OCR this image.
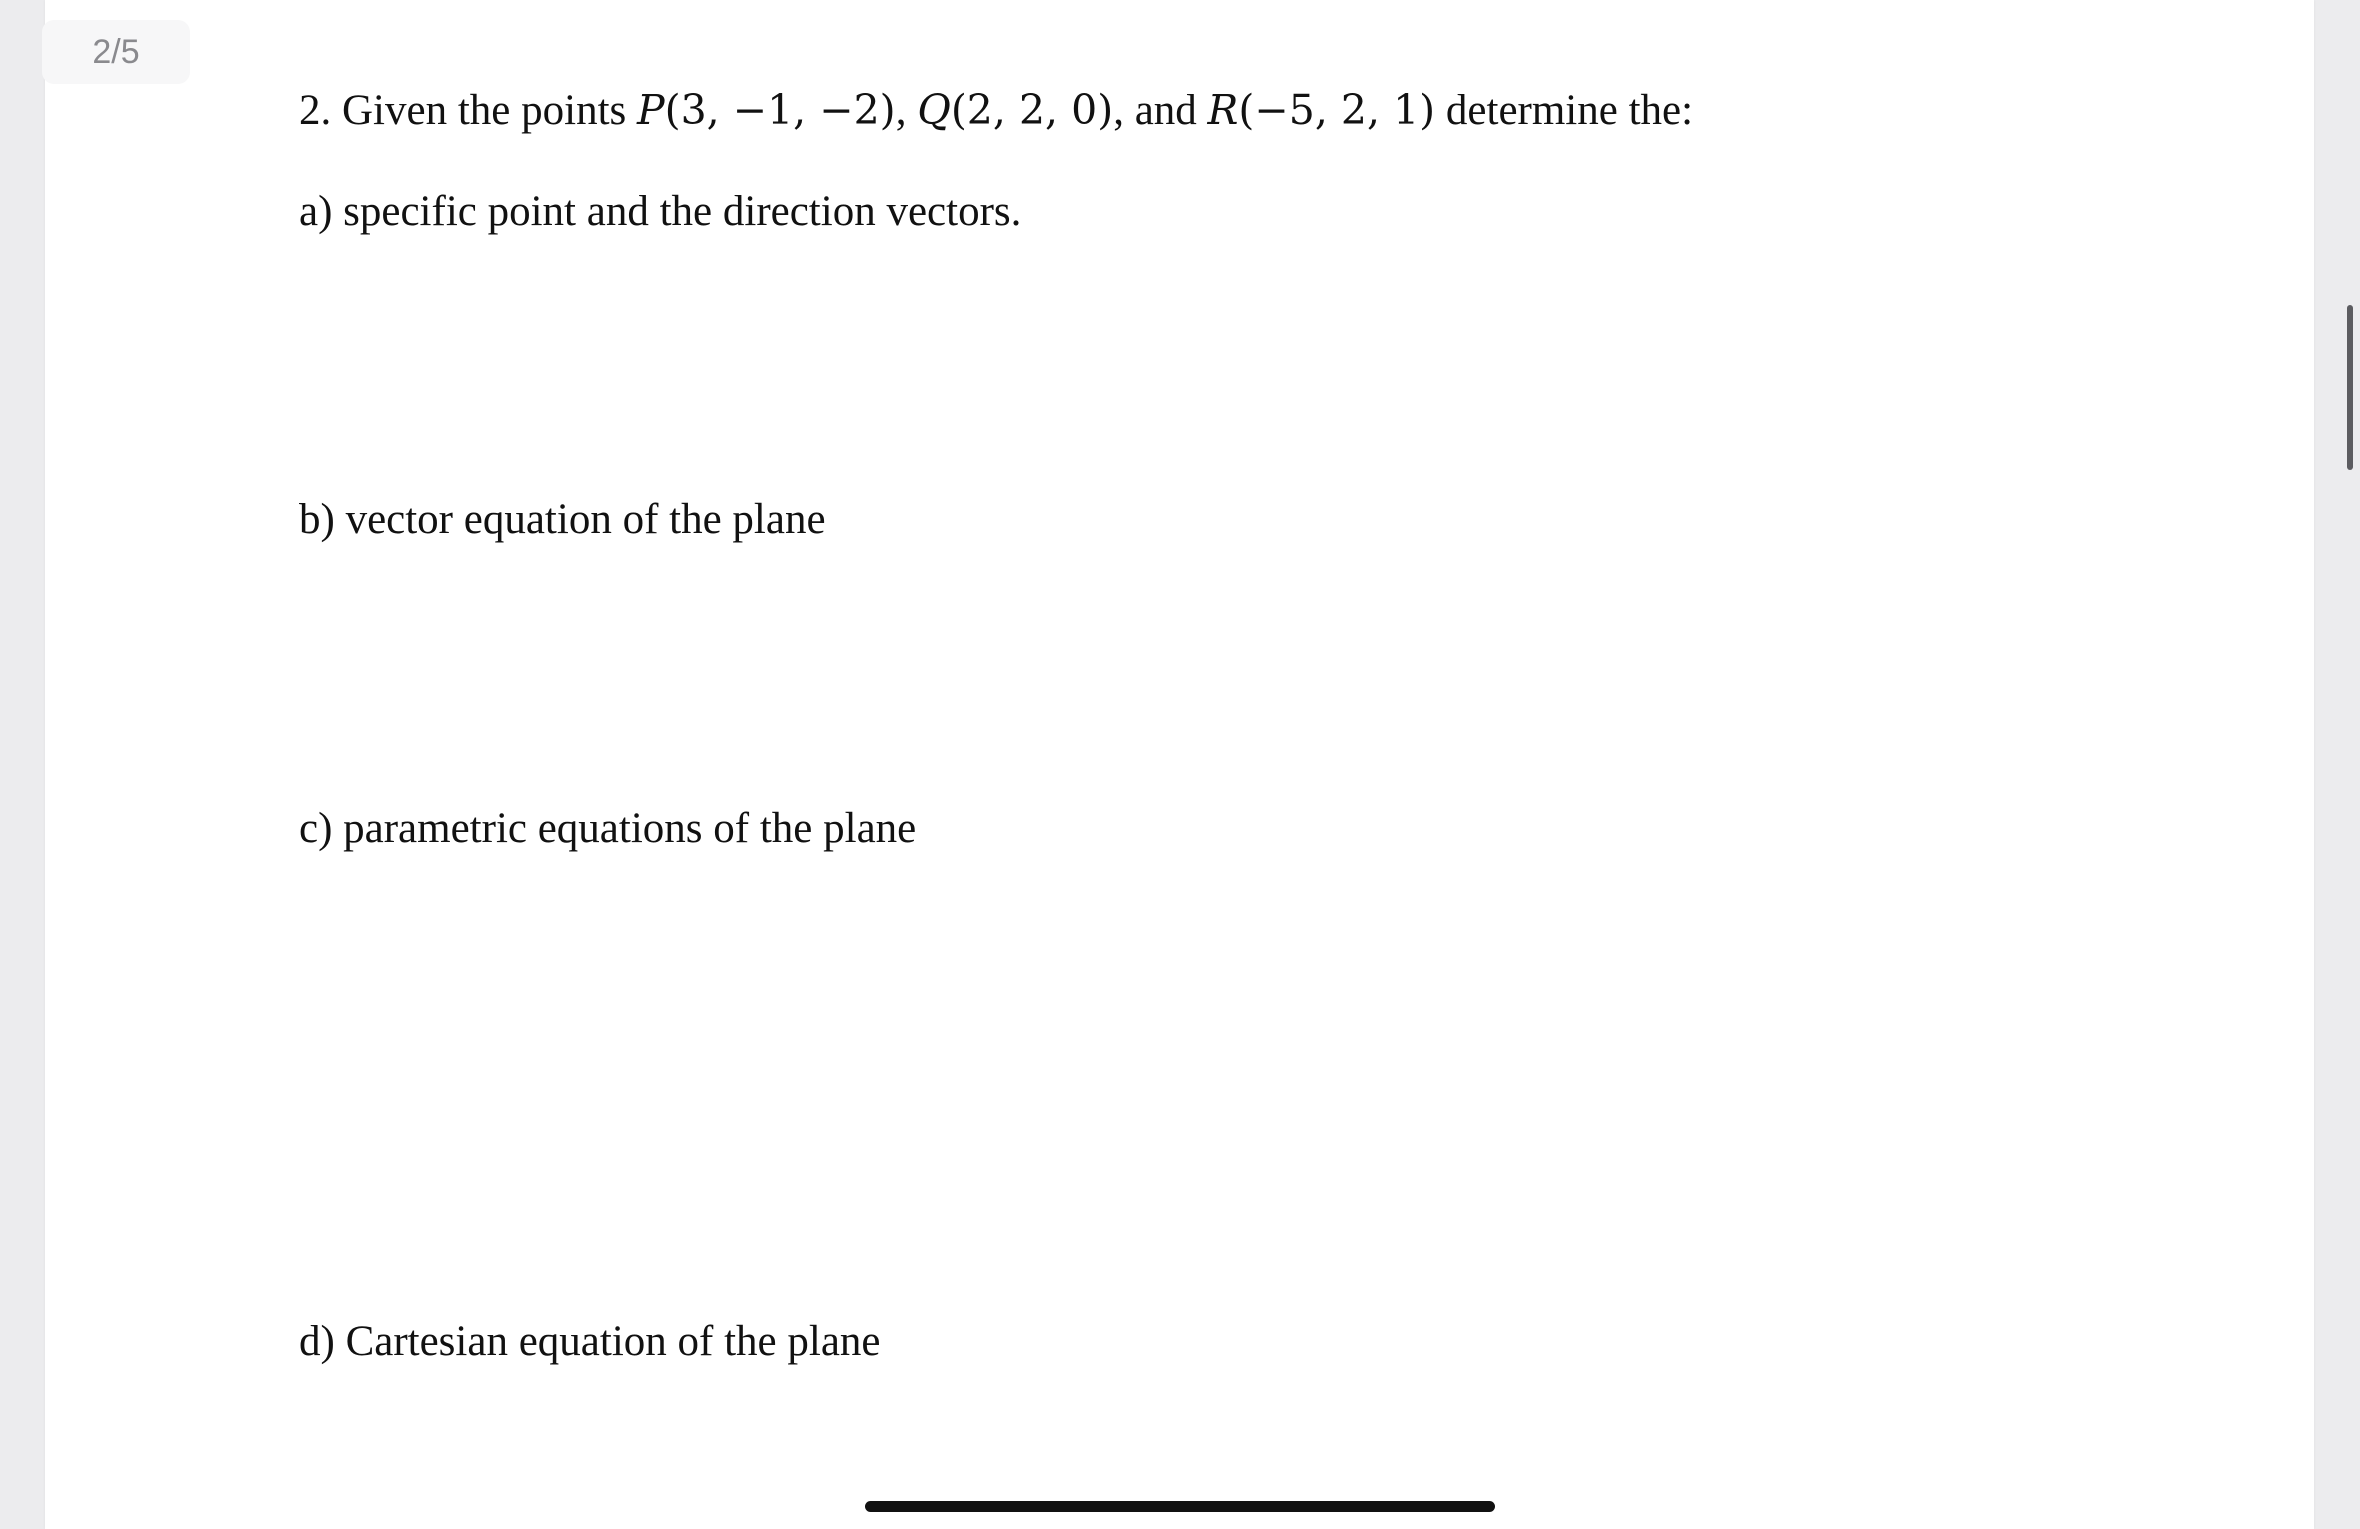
2. Given the points P(3, −1, −2), Q(2, 2, 0), and R(−5, 2, 1) determine the:
a) specific point and the direction vectors.
b) vector equation of the plane
c) parametric equations of the plane
d) Cartesian equation of the plane
2/5
